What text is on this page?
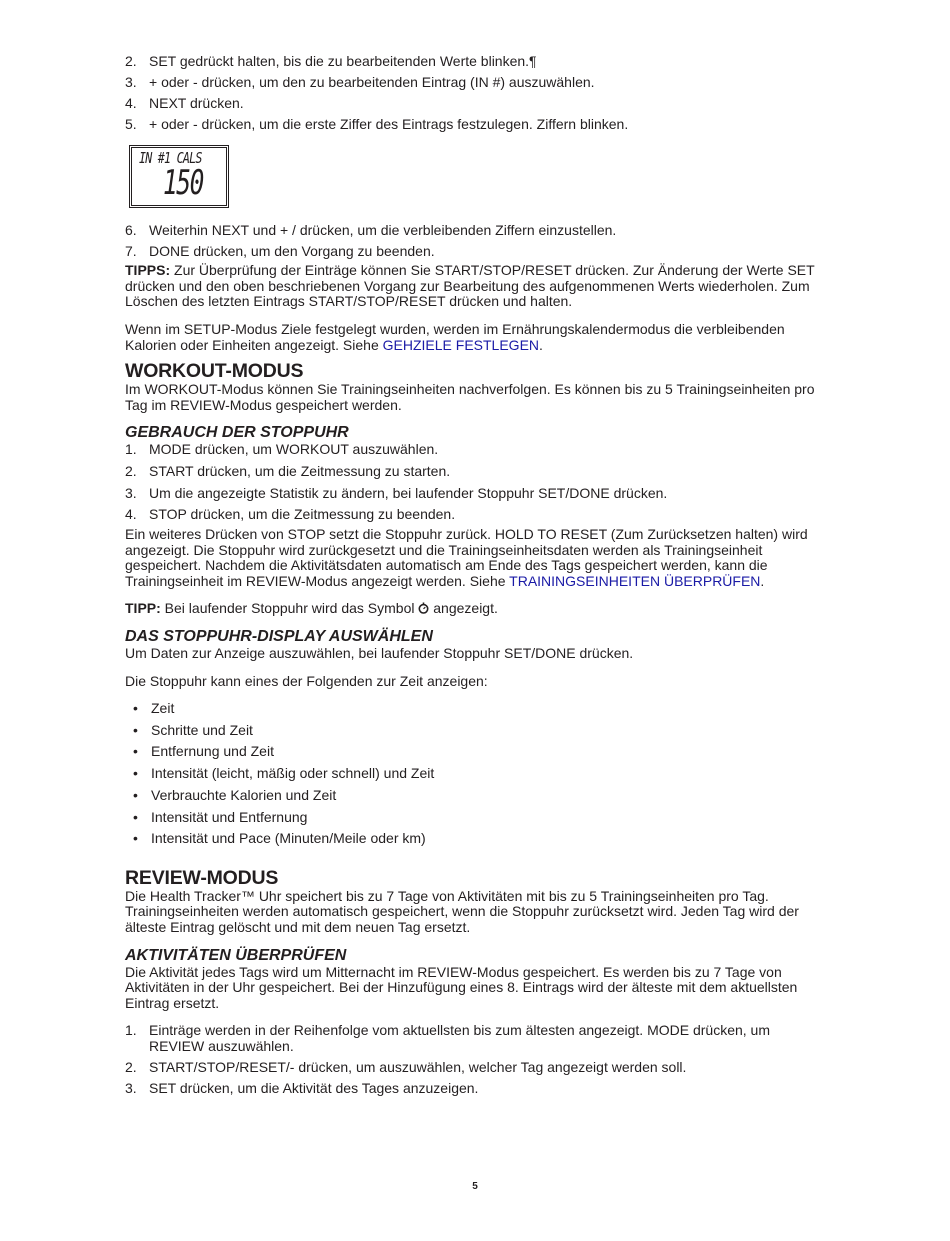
2. SET gedrückt halten, bis die zu bearbeitenden Werte blinken.¶
3. + oder - drücken, um den zu bearbeitenden Eintrag (IN #) auszuwählen.
4. NEXT drücken.
5. + oder - drücken, um die erste Ziffer des Eintrags festzulegen. Ziffern blinken.
IN #1 CALS
150
6. Weiterhin NEXT und + / drücken, um die verbleibenden Ziffern einzustellen.
7. DONE drücken, um den Vorgang zu beenden.

TIPPS: Zur Überprüfung der Einträge können Sie START/STOP/RESET drücken. Zur Änderung der Werte SET drücken und den oben beschriebenen Vorgang zur Bearbeitung des aufgenommenen Werts wiederholen. Zum Löschen des letzten Eintrags START/STOP/RESET drücken und halten.

Wenn im SETUP-Modus Ziele festgelegt wurden, werden im Ernährungskalendermodus die verbleibenden Kalorien oder Einheiten angezeigt. Siehe GEHZIELE FESTLEGEN.

WORKOUT-MODUS

Im WORKOUT-Modus können Sie Trainingseinheiten nachverfolgen. Es können bis zu 5 Trainingseinheiten pro Tag im REVIEW-Modus gespeichert werden.

GEBRAUCH DER STOPPUHR
1. MODE drücken, um WORKOUT auszuwählen.
2. START drücken, um die Zeitmessung zu starten.
3. Um die angezeigte Statistik zu ändern, bei laufender Stoppuhr SET/DONE drücken.
4. STOP drücken, um die Zeitmessung zu beenden.

Ein weiteres Drücken von STOP setzt die Stoppuhr zurück. HOLD TO RESET (Zum Zurücksetzen halten) wird angezeigt. Die Stoppuhr wird zurückgesetzt und die Trainingseinheitsdaten werden als Trainingseinheit gespeichert. Nachdem die Aktivitätsdaten automatisch am Ende des Tags gespeichert werden, kann die Trainingseinheit im REVIEW-Modus angezeigt werden. Siehe TRAININGSEINHEITEN ÜBERPRÜFEN.

TIPP: Bei laufender Stoppuhr wird das Symbol  angezeigt.

DAS STOPPUHR-DISPLAY AUSWÄHLEN

Um Daten zur Anzeige auszuwählen, bei laufender Stoppuhr SET/DONE drücken.

Die Stoppuhr kann eines der Folgenden zur Zeit anzeigen:

• Zeit
• Schritte und Zeit
• Entfernung und Zeit
• Intensität (leicht, mäßig oder schnell) und Zeit
• Verbrauchte Kalorien und Zeit
• Intensität und Entfernung
• Intensität und Pace (Minuten/Meile oder km)
REVIEW-MODUS

Die Health Tracker™ Uhr speichert bis zu 7 Tage von Aktivitäten mit bis zu 5 Trainingseinheiten pro Tag. Trainingseinheiten werden automatisch gespeichert, wenn die Stoppuhr zurücksetzt wird. Jeden Tag wird der älteste Eintrag gelöscht und mit dem neuen Tag ersetzt.

AKTIVITÄTEN ÜBERPRÜFEN

Die Aktivität jedes Tags wird um Mitternacht im REVIEW-Modus gespeichert. Es werden bis zu 7 Tage von Aktivitäten in der Uhr gespeichert. Bei der Hinzufügung eines 8. Eintrags wird der älteste mit dem aktuellsten Eintrag ersetzt.

1. Einträge werden in der Reihenfolge vom aktuellsten bis zum ältesten angezeigt. MODE drücken, um REVIEW auszuwählen.
2. START/STOP/RESET/- drücken, um auszuwählen, welcher Tag angezeigt werden soll.
3. SET drücken, um die Aktivität des Tages anzuzeigen.
5
